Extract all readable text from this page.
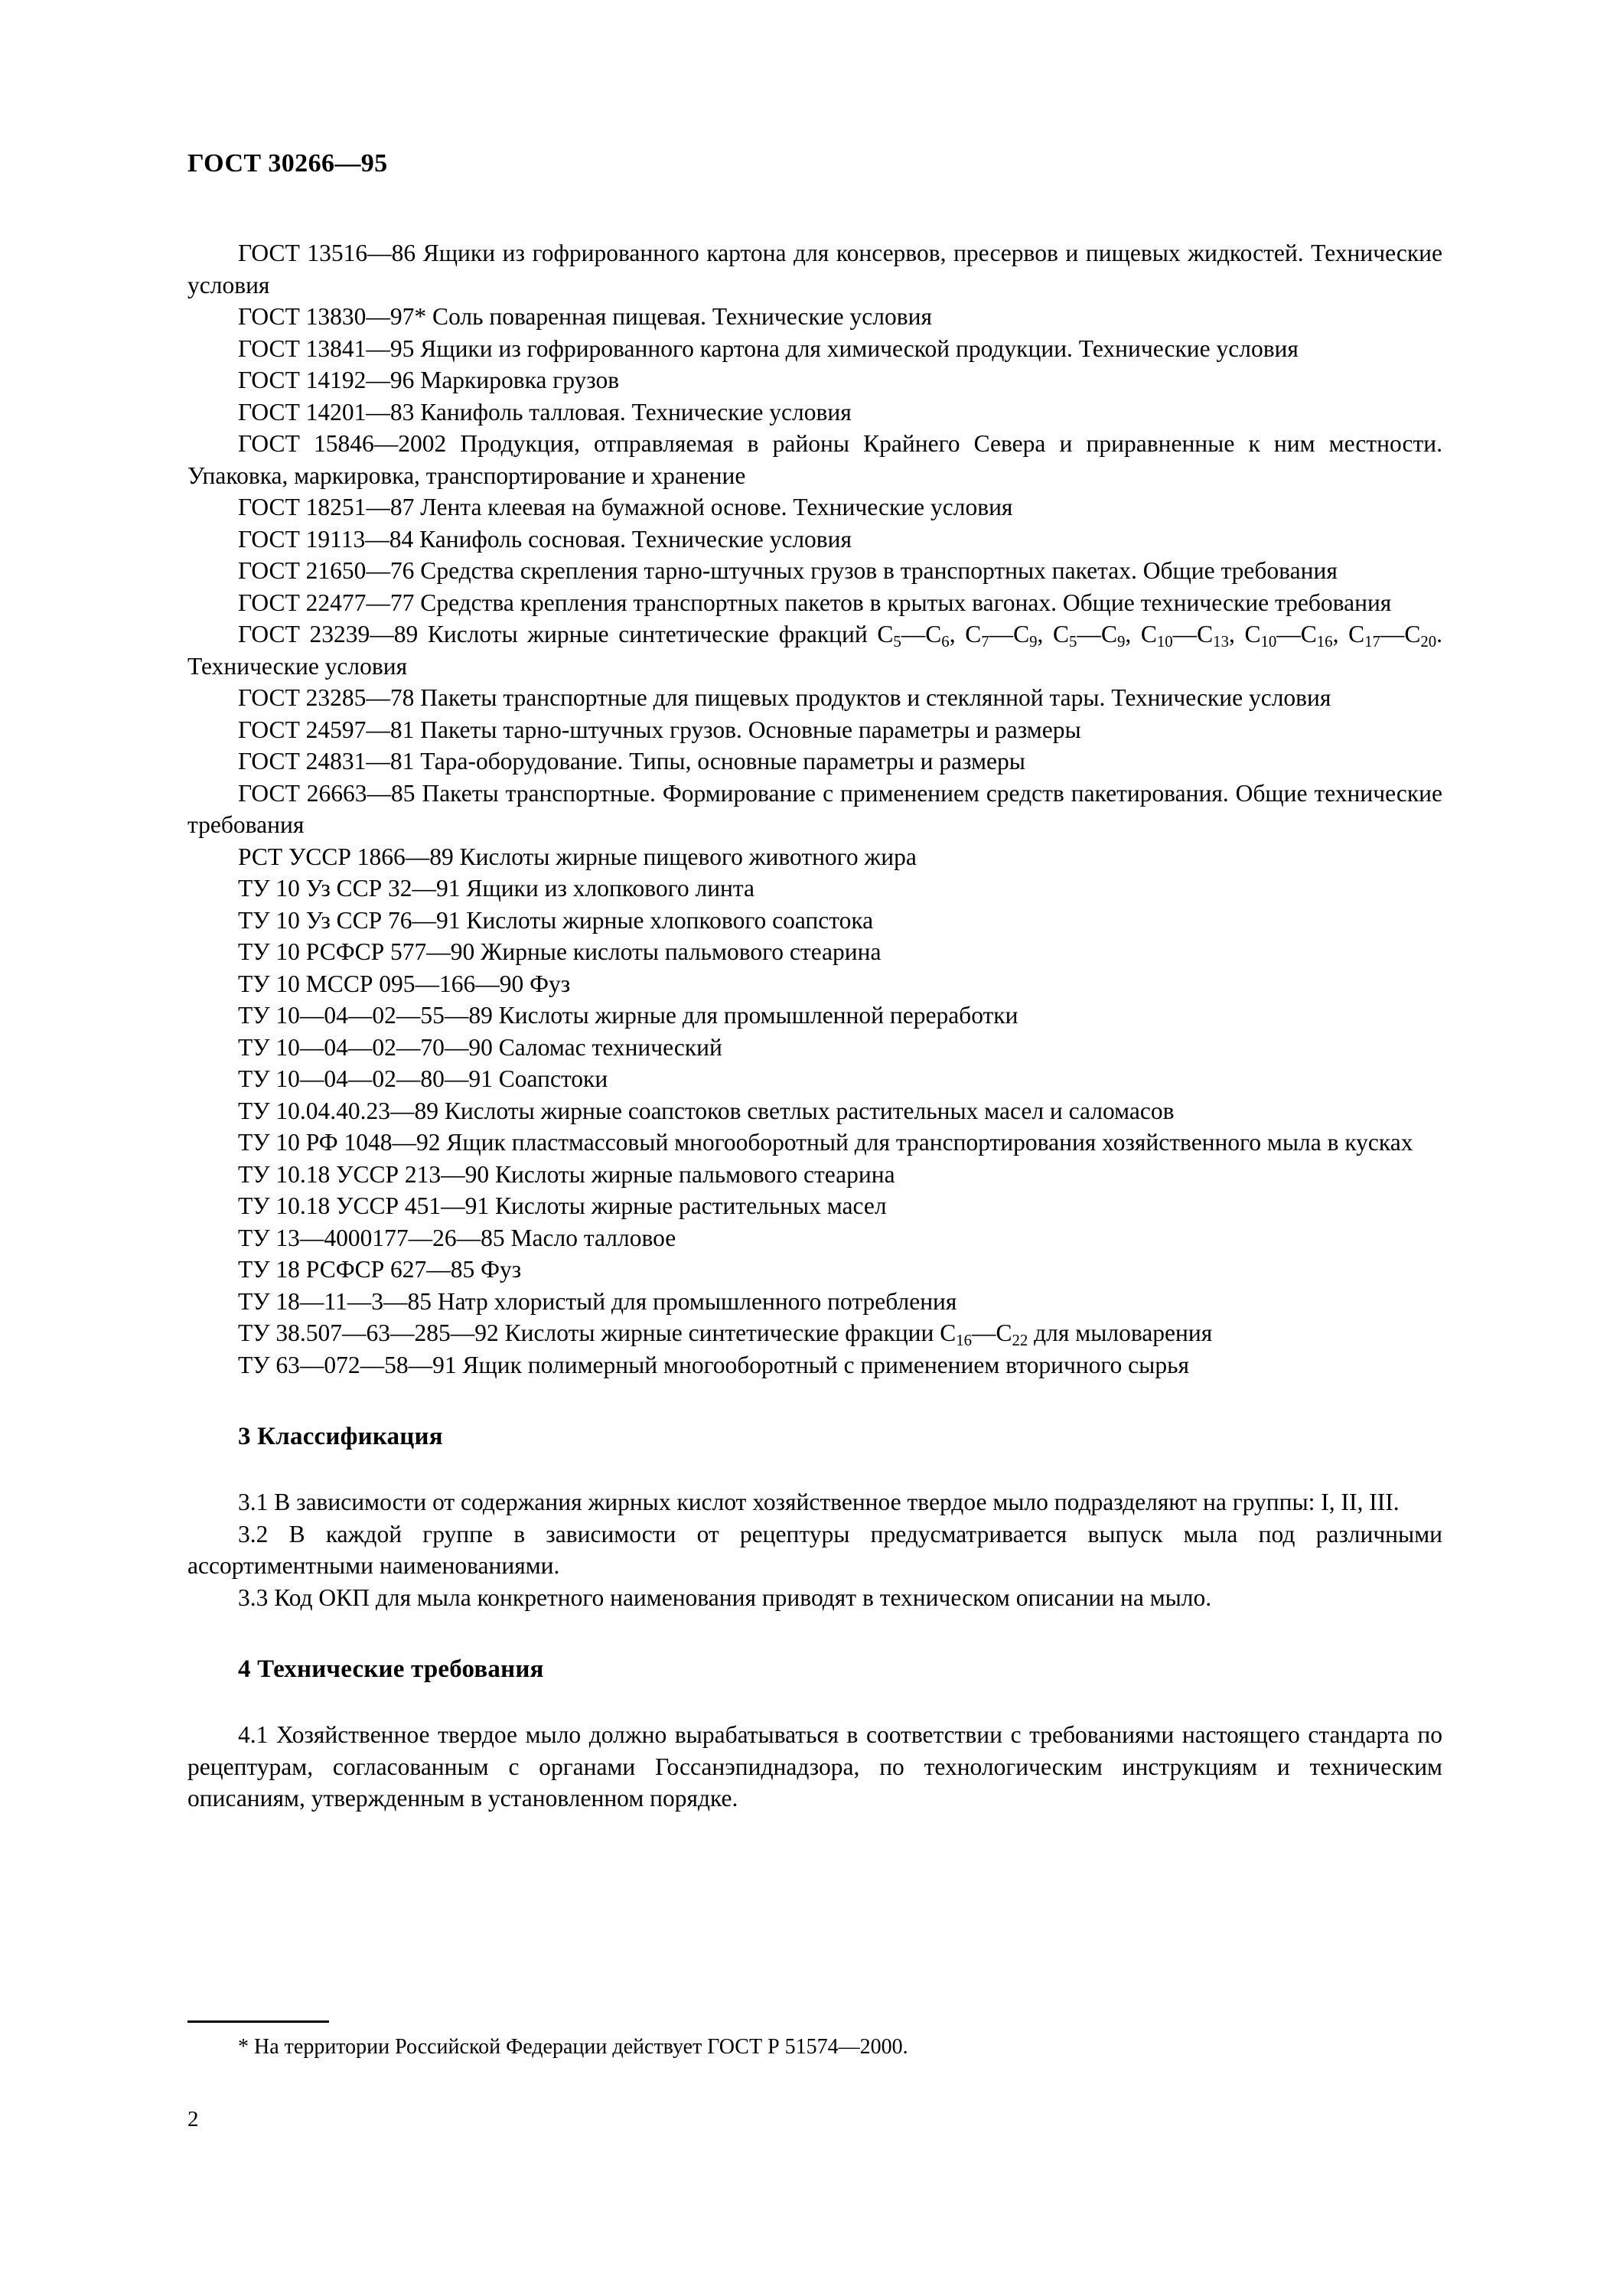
ГОСТ 30266—95

ГОСТ 13516—86 Ящики из гофрированного картона для консервов, пресервов и пищевых жидкостей. Технические условия

ГОСТ 13830—97* Соль поваренная пищевая. Технические условия

ГОСТ 13841—95 Ящики из гофрированного картона для химической продукции. Технические условия

ГОСТ 14192—96 Маркировка грузов

ГОСТ 14201—83 Канифоль талловая. Технические условия

ГОСТ 15846—2002 Продукция, отправляемая в районы Крайнего Севера и приравненные к ним местности. Упаковка, маркировка, транспортирование и хранение

ГОСТ 18251—87 Лента клеевая на бумажной основе. Технические условия

ГОСТ 19113—84 Канифоль сосновая. Технические условия

ГОСТ 21650—76 Средства скрепления тарно-штучных грузов в транспортных пакетах. Общие требования

ГОСТ 22477—77 Средства крепления транспортных пакетов в крытых вагонах. Общие технические требования

ГОСТ 23239—89 Кислоты жирные синтетические фракций $C_5—C_6$, $C_7—C_9$, $C_5—C_9$, $C_{10}—C_{13}$, $C_{10}—C_{16}$, $C_{17}—C_{20}$. Технические условия

ГОСТ 23285—78 Пакеты транспортные для пищевых продуктов и стеклянной тары. Технические условия

ГОСТ 24597—81 Пакеты тарно-штучных грузов. Основные параметры и размеры

ГОСТ 24831—81 Тара-оборудование. Типы, основные параметры и размеры

ГОСТ 26663—85 Пакеты транспортные. Формирование с применением средств пакетирования. Общие технические требования

РСТ УССР 1866—89 Кислоты жирные пищевого животного жира

ТУ 10 Уз ССР 32—91 Ящики из хлопкового линта

ТУ 10 Уз ССР 76—91 Кислоты жирные хлопкового соапстока

ТУ 10 РСФСР 577—90 Жирные кислоты пальмового стеарина

ТУ 10 МССР 095—166—90 Фуз

ТУ 10—04—02—55—89 Кислоты жирные для промышленной переработки

ТУ 10—04—02—70—90 Саломас технический

ТУ 10—04—02—80—91 Соапстоки

ТУ 10.04.40.23—89 Кислоты жирные соапстоков светлых растительных масел и саломасов

ТУ 10 РФ 1048—92 Ящик пластмассовый многооборотный для транспортирования хозяйственного мыла в кусках

ТУ 10.18 УССР 213—90 Кислоты жирные пальмового стеарина

ТУ 10.18 УССР 451—91 Кислоты жирные растительных масел

ТУ 13—4000177—26—85 Масло талловое

ТУ 18 РСФСР 627—85 Фуз

ТУ 18—11—3—85 Натр хлористый для промышленного потребления

ТУ 38.507—63—285—92 Кислоты жирные синтетические фракции $C_{16}—C_{22}$ для мыловарения

ТУ 63—072—58—91 Ящик полимерный многооборотный с применением вторичного сырья

3 Классификация

3.1 В зависимости от содержания жирных кислот хозяйственное твердое мыло подразделяют на группы: I, II, III.

3.2 В каждой группе в зависимости от рецептуры предусматривается выпуск мыла под различными ассортиментными наименованиями.

3.3 Код ОКП для мыла конкретного наименования приводят в техническом описании на мыло.

4 Технические требования

4.1 Хозяйственное твердое мыло должно вырабатываться в соответствии с требованиями настоящего стандарта по рецептурам, согласованным с органами Госсанэпиднадзора, по технологическим инструкциям и техническим описаниям, утвержденным в установленном порядке.

* На территории Российской Федерации действует ГОСТ Р 51574—2000.

2
